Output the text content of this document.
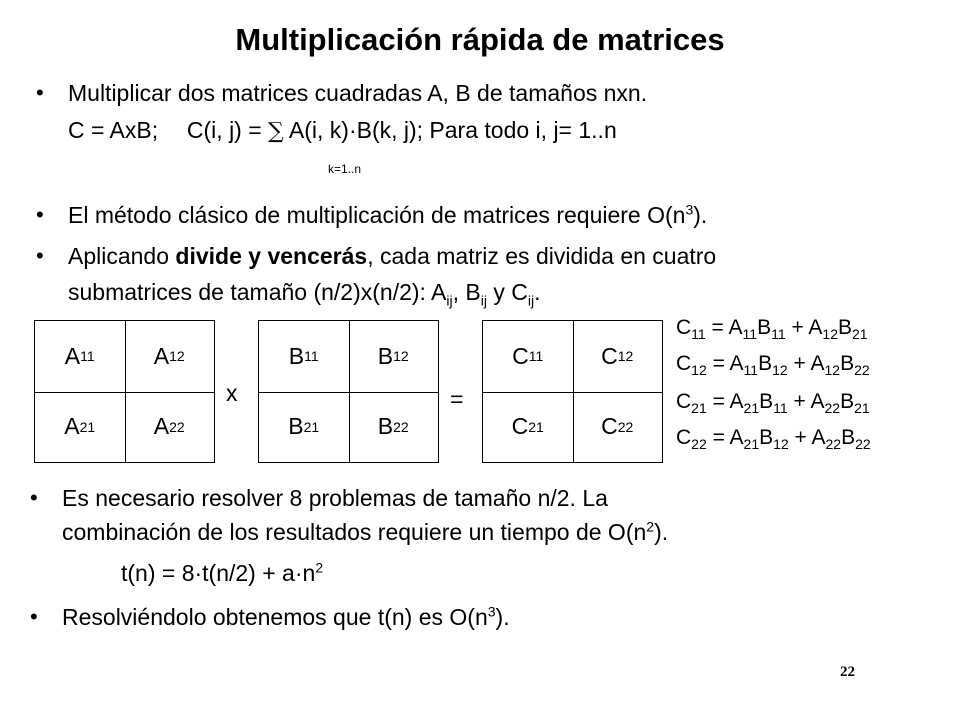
Multiplicación rápida de matrices
• Multiplicar dos matrices cuadradas A, B de tamaños nxn.
C = AxB; C(i, j) = ∑ A(i, k)·B(k, j); Para todo i, j= 1..n
k=1..n
• El método clásico de multiplicación de matrices requiere $O(n^3)$.
• Aplicando divide y vencerás, cada matriz es dividida en cuatro
submatrices de tamaño (n/2)x(n/2): $A_{ij}$, $B_{ij}$ y $C_{ij}$.
A 11	A 12
A 21	A 22
x
B 11	B 12
B 21	B 22
=
C 11	C 12
C 21 C 22
$C_{11} = A_{11}B_{11} + A_{12}B_{21}$
$C_{12} = A_{11}B_{12} + A_{12}B_{22}$
$C_{21} = A_{21}B_{11} + A_{22}B_{21}$
$C_{22} = A_{21}B_{12} + A_{22}B_{22}$
• Es necesario resolver 8 problemas de tamaño n/2. La
combinación de los resultados requiere un tiempo de $O(n^2)$.
$t(n) = 8\cdot t(n/2) + a\cdot n^2$
• Resolviéndolo obtenemos que t(n) es $O(n^3)$.
22
